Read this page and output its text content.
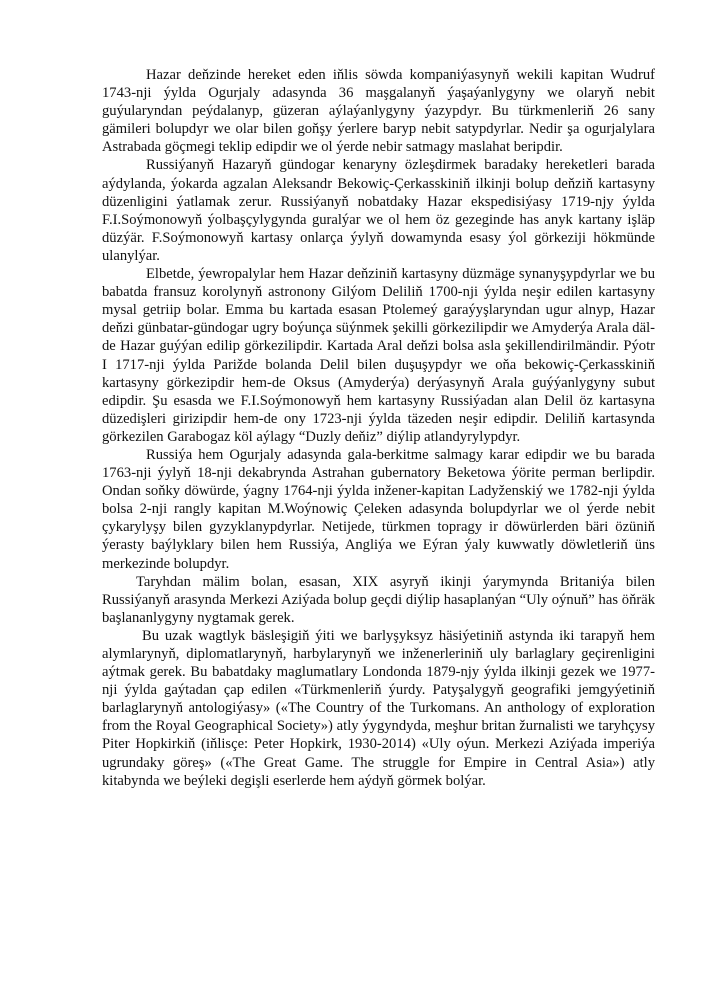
Hazar deňzinde hereket eden iňlis söwda kompaniýasynyň wekili kapitan Wudruf 1743-nji ýylda Ogurjaly adasynda 36 maşgalanyň ýaşaýanlygyny we olaryň nebit guýularyndan peýdalanyp, güzeran aýlaýanlygyny ýazypdyr. Bu türkmenleriň 26 sany gämileri bolupdyr we olar bilen goňşy ýerlere baryp nebit satypdyrlar. Nedir şa ogurjalylara Astrabada göçmegi teklip edipdir we ol ýerde nebir satmagy maslahat beripdir.

Russiýanyň Hazaryň gündogar kenaryny özleşdirmek baradaky hereketleri barada aýdylanda, ýokarda agzalan Aleksandr Bekowiç-Çerkasskiniň ilkinji bolup deňziň kartasyny düzenligini ýatlamak zerur. Russiýanyň nobatdaky Hazar ekspedisiýasy 1719-njy ýylda F.I.Soýmonowyň ýolbaşçylygynda guralýar we ol hem öz gezeginde has anyk kartany işläp düzýär. F.Soýmonowyň kartasy onlarça ýylyň dowamynda esasy ýol görkeziji hökmünde ulanylýar.

Elbetde, ýewropalylar hem Hazar deňziniň kartasyny düzmäge synanyşypdyrlar we bu babatda fransuz korolynyň astronony Gilýom Deliliň 1700-nji ýylda neşir edilen kartasyny mysal getriip bolar. Emma bu kartada esasan Ptolemeý garaýyşlaryndan ugur alnyp, Hazar deňzi günbatar-gündogar ugry boýunça süýnmek şekilli görkezilipdir we Amyderýa Arala däl-de Hazar guýýan edilip görkezilipdir. Kartada Aral deňzi bolsa asla şekillendirilmändir. Pýotr I 1717-nji ýylda Parižde bolanda Delil bilen duşuşypdyr we oňa bekowiç-Çerkasskiniň kartasyny görkezipdir hem-de Oksus (Amyderýa) derýasynyň Arala guýýanlygyny subut edipdir. Şu esasda we F.I.Soýmonowyň hem kartasyny Russiýadan alan Delil öz kartasyna düzedişleri girizipdir hem-de ony 1723-nji ýylda täzeden neşir edipdir. Deliliň kartasynda görkezilen Garabogaz köl aýlagy “Duzly deňiz” diýlip atlandyrylypdyr.

Russiýa hem Ogurjaly adasynda gala-berkitme salmagy karar edipdir we bu barada 1763-nji ýylyň 18-nji dekabrynda Astrahan gubernatory Beketowa ýörite perman berlipdir. Ondan soňky döwürde, ýagny 1764-nji ýylda inžener-kapitan Ladyženskiý we 1782-nji ýylda bolsa 2-nji rangly kapitan M.Woýnowiç Çeleken adasynda bolupdyrlar we ol ýerde nebit çykarylyşy bilen gyzyklanypdyrlar. Netijede, türkmen topragy ir döwürlerden bäri özüniň ýerasty baýlyklary bilen hem Russiýa, Angliýa we Eýran ýaly kuwwatly döwletleriň üns merkezinde bolupdyr.

Taryhdan mälim bolan, esasan, XIX asyryň ikinji ýarymynda Britaniýa bilen Russiýanyň arasynda Merkezi Aziýada bolup geçdi diýlip hasaplanýan “Uly oýnuň” has öňräk başlananlygyny nygtamak gerek.

Bu uzak wagtlyk bäsleşigiň ýiti we barlyşyksyz häsiýetiniň astynda iki tarapyň hem alymlarynyň, diplomatlarynyň, harbylarynyň we inženerleriniň uly barlaglary geçirenligini aýtmak gerek. Bu babatdaky maglumatlary Londonda 1879-njy ýylda ilkinji gezek we 1977-nji ýylda gaýtadan çap edilen «Türkmenleriň ýurdy. Patyşalygyň geografiki jemgyýetiniň barlaglarynyň antologiýasy» («The Country of the Turkomans. An anthology of exploration from the Royal Geographical Society») atly ýygyndyda, meşhur britan žurnalisti we taryhçysy Piter Hopkirkiň (iňlisçe: Peter Hopkirk, 1930-2014) «Uly oýun. Merkezi Aziýada imperiýa ugrundaky göreş» («The Great Game. The struggle for Empire in Central Asia») atly kitabynda we beýleki degişli eserlerde hem aýdyň görmek bolýar.
